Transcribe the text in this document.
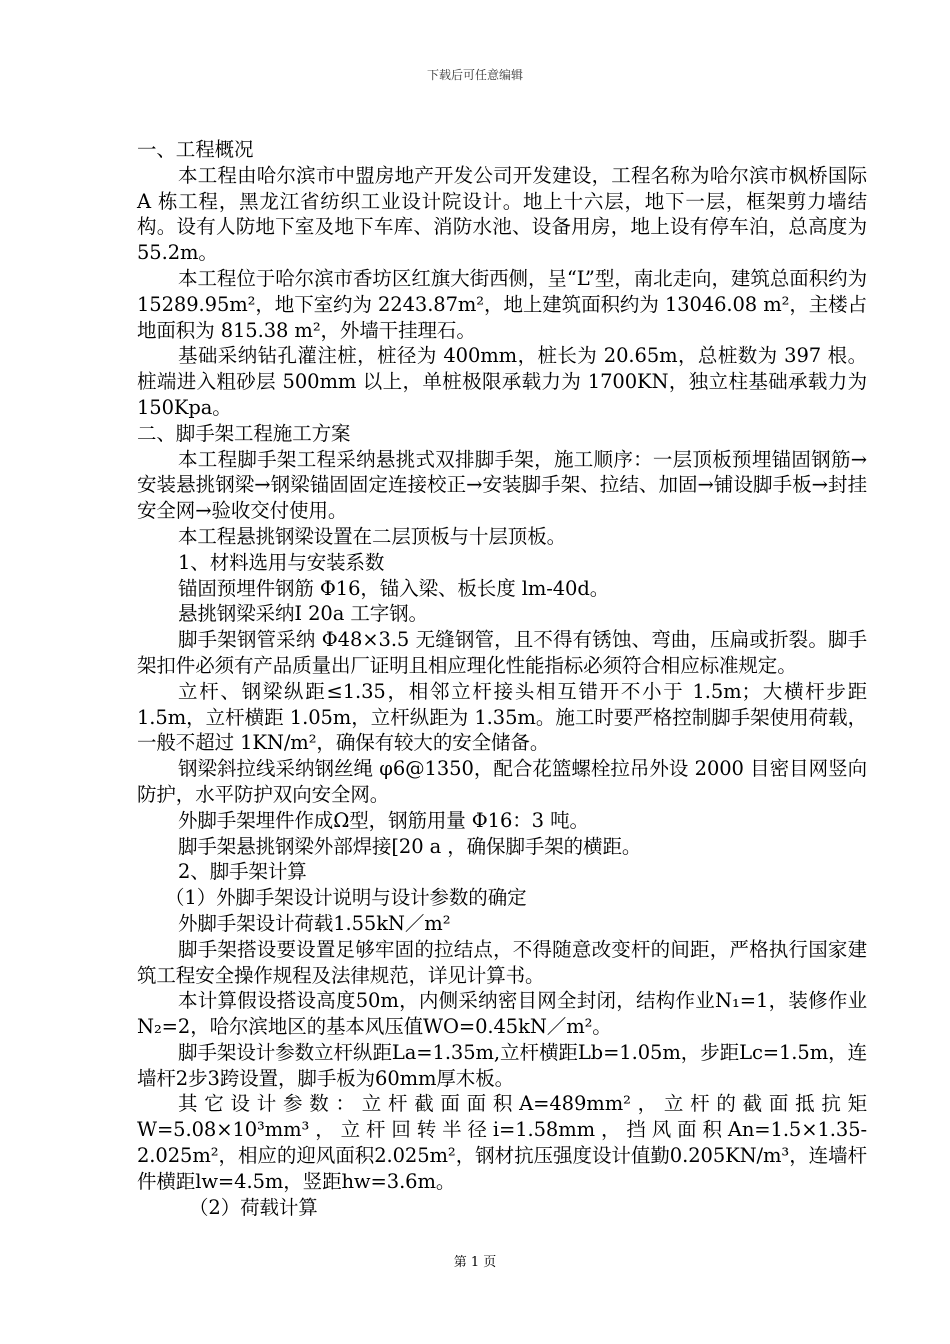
下载后可任意编辑

一、工程概况

本工程由哈尔滨市中盟房地产开发公司开发建设，工程名称为哈尔滨市枫桥国际 A 栋工程，黑龙江省纺织工业设计院设计。地上十六层，地下一层，框架剪力墙结构。设有人防地下室及地下车库、消防水池、设备用房，地上设有停车泊，总高度为 55.2m。

本工程位于哈尔滨市香坊区红旗大街西侧，呈“L”型，南北走向，建筑总面积约为 15289.95m²，地下室约为 2243.87m²，地上建筑面积约为 13046.08 m²，主楼占地面积为 815.38 m²，外墙干挂理石。

基础采纳钻孔灌注桩，桩径为 400mm，桩长为 20.65m，总桩数为 397 根。桩端进入粗砂层 500mm 以上，单桩极限承载力为 1700KN，独立柱基础承载力为 150Kpa。

二、脚手架工程施工方案

本工程脚手架工程采纳悬挑式双排脚手架，施工顺序：一层顶板预埋锚固钢筋→安装悬挑钢梁→钢梁锚固固定连接校正→安装脚手架、拉结、加固→铺设脚手板→封挂安全网→验收交付使用。

本工程悬挑钢梁设置在二层顶板与十层顶板。

1、材料选用与安装系数

锚固预埋件钢筋 Φ16，锚入梁、板长度 lm-40d。

悬挑钢梁采纳Ⅰ 20a 工字钢。

脚手架钢管采纳 Φ48×3.5 无缝钢管，且不得有锈蚀、弯曲，压扁或折裂。脚手架扣件必须有产品质量出厂证明且相应理化性能指标必须符合相应标准规定。

立杆、钢梁纵距≤1.35，相邻立杆接头相互错开不小于 1.5m；大横杆步距 1.5m，立杆横距 1.05m，立杆纵距为 1.35m。施工时要严格控制脚手架使用荷载，一般不超过 1KN/m²，确保有较大的安全储备。

钢梁斜拉线采纳钢丝绳 φ6@1350，配合花篮螺栓拉吊外设 2000 目密目网竖向防护，水平防护双向安全网。

外脚手架埋件作成Ω型，钢筋用量 Φ16：3 吨。

脚手架悬挑钢梁外部焊接[20 a ，确保脚手架的横距。

2、脚手架计算

（1）外脚手架设计说明与设计参数的确定

外脚手架设计荷载1.55kN／m²

脚手架搭设要设置足够牢固的拉结点，不得随意改变杆的间距，严格执行国家建筑工程安全操作规程及法律规范，详见计算书。

本计算假设搭设高度50m，内侧采纳密目网全封闭，结构作业N₁=1，装修作业N₂=2，哈尔滨地区的基本风压值WO=0.45kN／m²。

脚手架设计参数立杆纵距La=1.35m,立杆横距Lb=1.05m，步距Lc=1.5m，连墙杆2步3跨设置，脚手板为60mm厚木板。

其它设计参数：立杆截面面积A=489mm²，立杆的截面抵抗矩W=5.08×10³mm³，立杆回转半径i=1.58mm，挡风面积An=1.5×1.35-2.025m²，相应的迎风面积2.025m²，钢材抗压强度设计值勤0.205KN/m³，连墙杆件横距lw=4.5m，竖距hw=3.6m。

（2）荷载计算

第 1 页
